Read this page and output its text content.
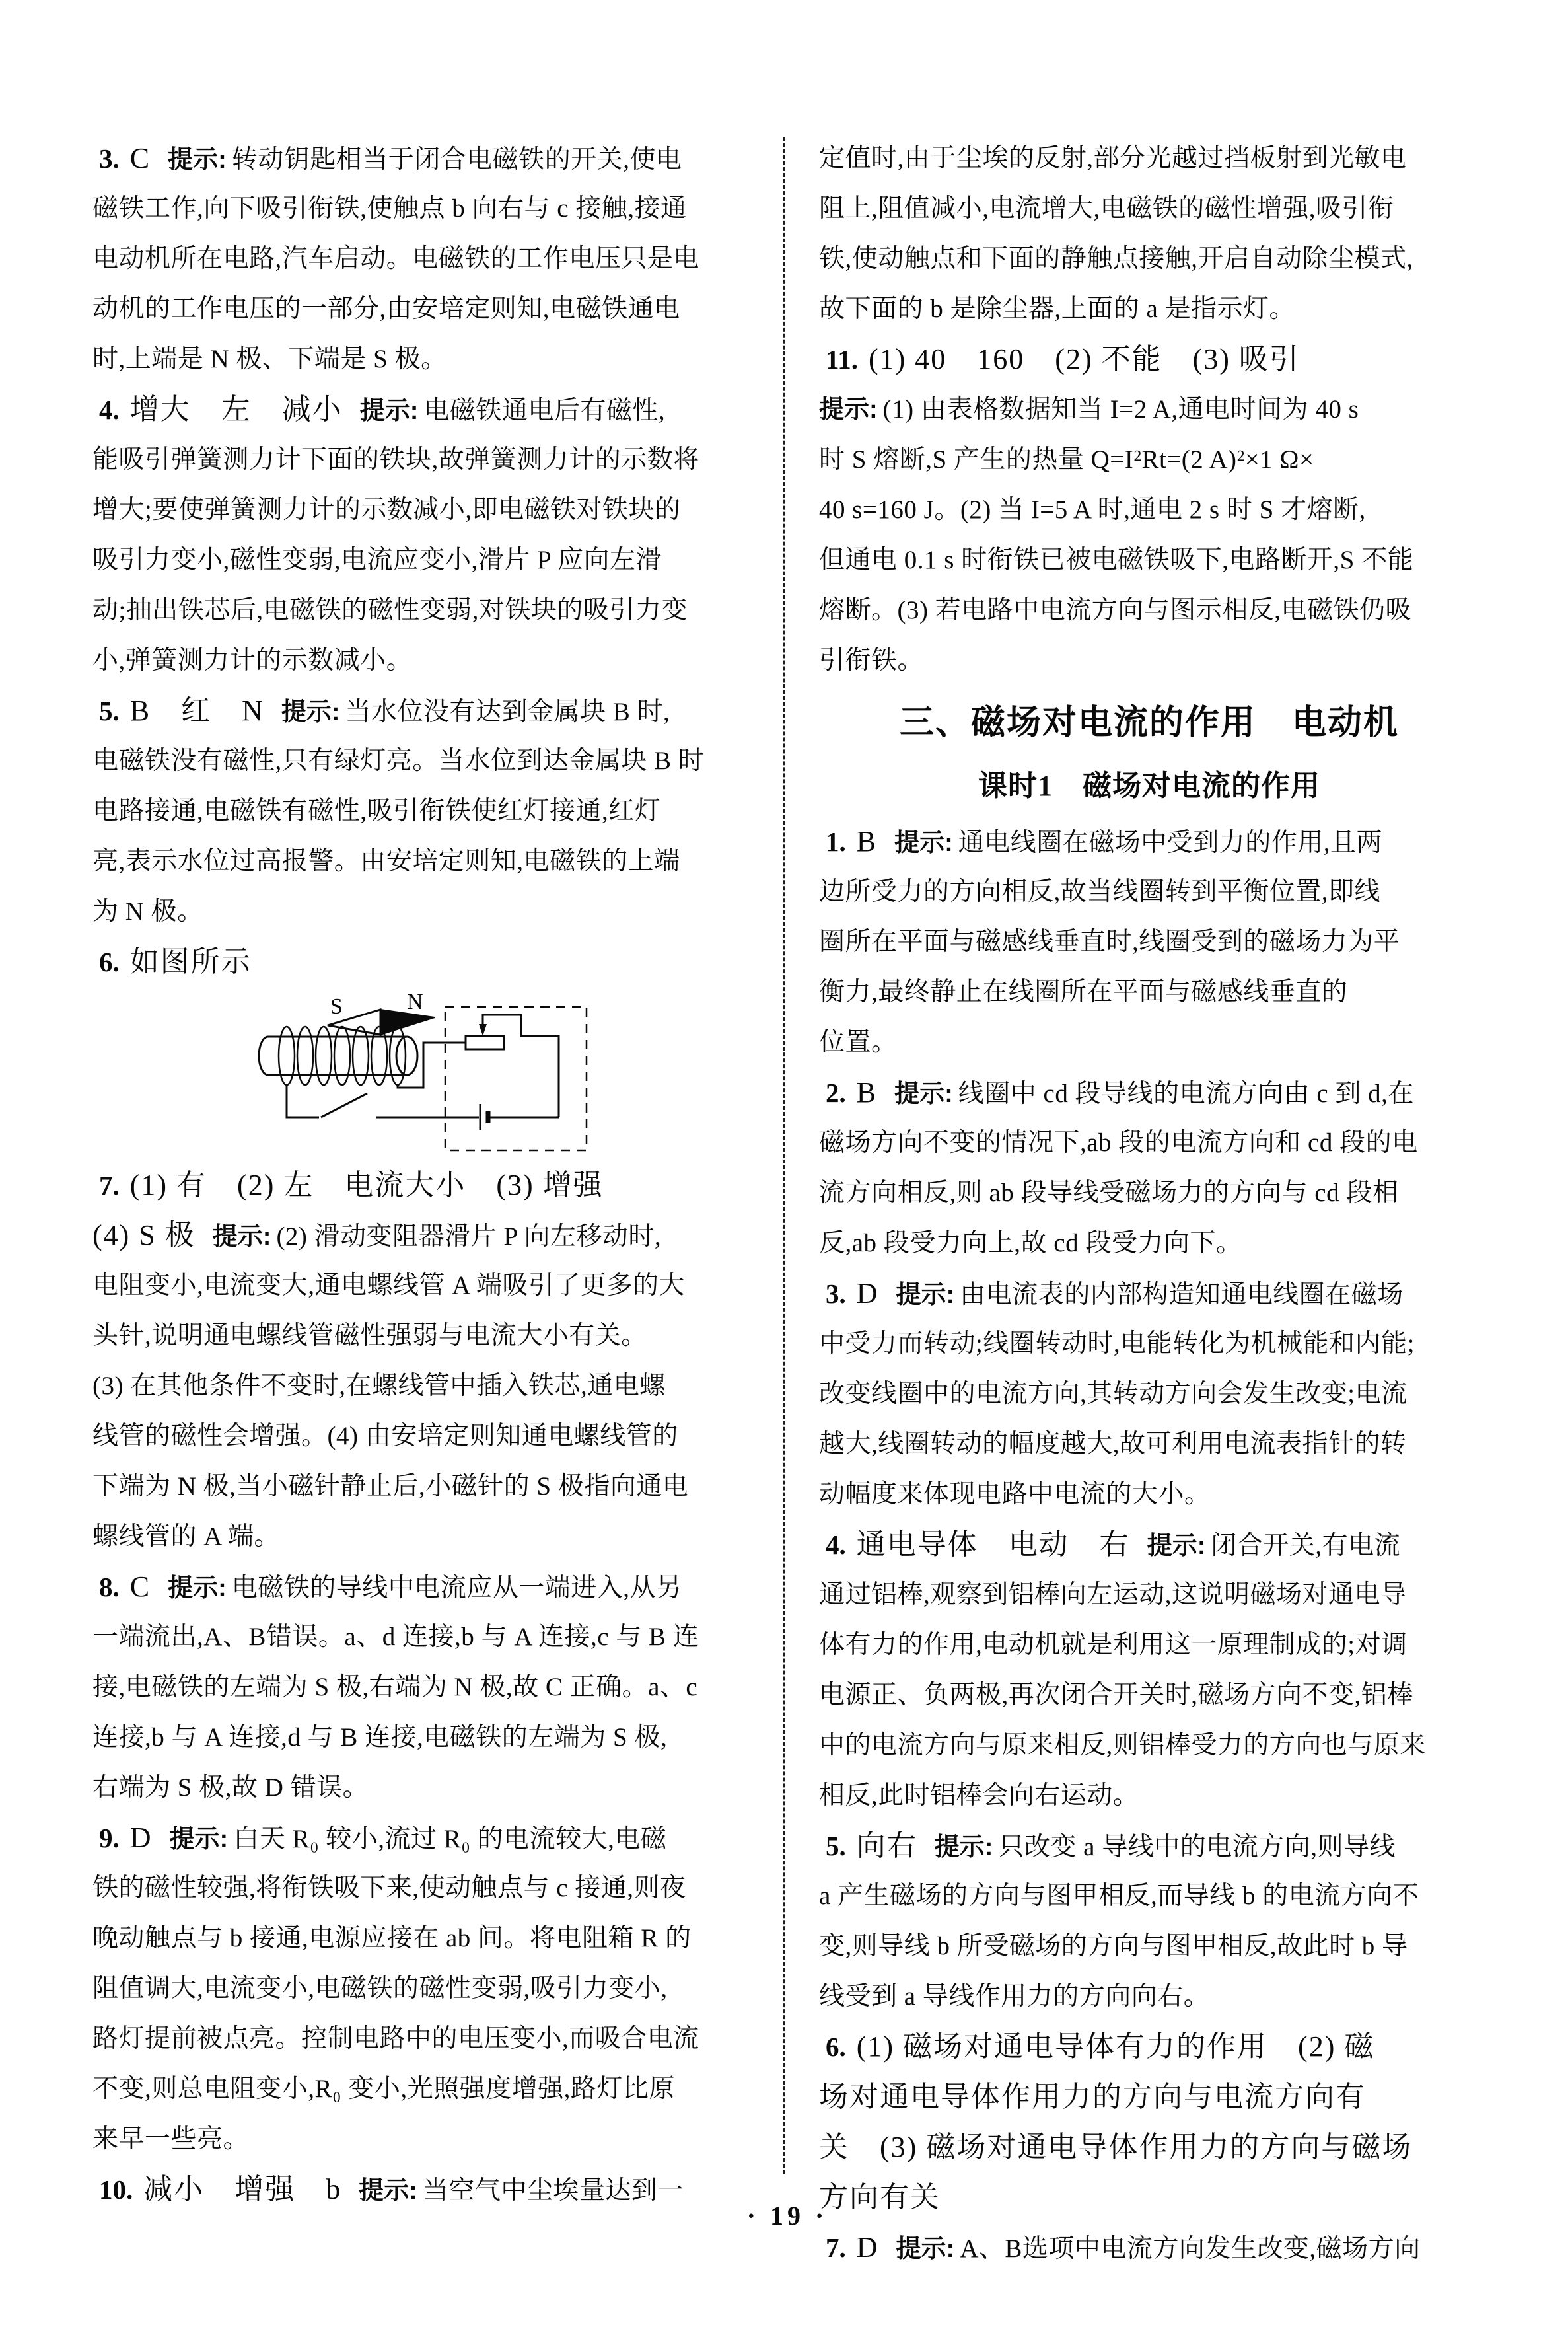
3. C 提示: 转动钥匙相当于闭合电磁铁的开关,使电
磁铁工作,向下吸引衔铁,使触点 b 向右与 c 接触,接通
电动机所在电路,汽车启动。电磁铁的工作电压只是电
动机的工作电压的一部分,由安培定则知,电磁铁通电
时,上端是 N 极、下端是 S 极。
4. 增大　左　减小 提示: 电磁铁通电后有磁性,
能吸引弹簧测力计下面的铁块,故弹簧测力计的示数将
增大;要使弹簧测力计的示数减小,即电磁铁对铁块的
吸引力变小,磁性变弱,电流应变小,滑片 P 应向左滑
动;抽出铁芯后,电磁铁的磁性变弱,对铁块的吸引力变
小,弹簧测力计的示数减小。
5. B　红　N 提示: 当水位没有达到金属块 B 时,
电磁铁没有磁性,只有绿灯亮。当水位到达金属块 B 时
电路接通,电磁铁有磁性,吸引衔铁使红灯接通,红灯
亮,表示水位过高报警。由安培定则知,电磁铁的上端
为 N 极。
6. 如图所示
S	N
7. (1) 有　(2) 左　电流大小　(3) 增强
(4) S 极 提示: (2) 滑动变阻器滑片 P 向左移动时,
电阻变小,电流变大,通电螺线管 A 端吸引了更多的大
头针,说明通电螺线管磁性强弱与电流大小有关。
(3) 在其他条件不变时,在螺线管中插入铁芯,通电螺
线管的磁性会增强。(4) 由安培定则知通电螺线管的
下端为 N 极,当小磁针静止后,小磁针的 S 极指向通电
螺线管的 A 端。
8. C 提示: 电磁铁的导线中电流应从一端进入,从另
一端流出,A、B错误。a、d 连接,b 与 A 连接,c 与 B 连
接,电磁铁的左端为 S 极,右端为 N 极,故 C 正确。a、c
连接,b 与 A 连接,d 与 B 连接,电磁铁的左端为 S 极,
右端为 S 极,故 D 错误。
9. D 提示: 白天 R₀ 较小,流过 R₀ 的电流较大,电磁
铁的磁性较强,将衔铁吸下来,使动触点与 c 接通,则夜
晚动触点与 b 接通,电源应接在 ab 间。将电阻箱 R 的
阻值调大,电流变小,电磁铁的磁性变弱,吸引力变小,
路灯提前被点亮。控制电路中的电压变小,而吸合电流
不变,则总电阻变小,R₀ 变小,光照强度增强,路灯比原
来早一些亮。
10. 减小　增强　b 提示: 当空气中尘埃量达到一
定值时,由于尘埃的反射,部分光越过挡板射到光敏电
阻上,阻值减小,电流增大,电磁铁的磁性增强,吸引衔
铁,使动触点和下面的静触点接触,开启自动除尘模式,
故下面的 b 是除尘器,上面的 a 是指示灯。
11. (1) 40　160　(2) 不能　(3) 吸引
提示: (1) 由表格数据知当 I=2 A,通电时间为 40 s
时 S 熔断,S 产生的热量 Q=I²Rt=(2 A)²×1 Ω×
40 s=160 J。(2) 当 I=5 A 时,通电 2 s 时 S 才熔断,
但通电 0.1 s 时衔铁已被电磁铁吸下,电路断开,S 不能
熔断。(3) 若电路中电流方向与图示相反,电磁铁仍吸
引衔铁。
三、磁场对电流的作用　电动机
课时1　磁场对电流的作用
1. B 提示: 通电线圈在磁场中受到力的作用,且两
边所受力的方向相反,故当线圈转到平衡位置,即线
圈所在平面与磁感线垂直时,线圈受到的磁场力为平
衡力,最终静止在线圈所在平面与磁感线垂直的
位置。
2. B 提示: 线圈中 cd 段导线的电流方向由 c 到 d,在
磁场方向不变的情况下,ab 段的电流方向和 cd 段的电
流方向相反,则 ab 段导线受磁场力的方向与 cd 段相
反,ab 段受力向上,故 cd 段受力向下。
3. D 提示: 由电流表的内部构造知通电线圈在磁场
中受力而转动;线圈转动时,电能转化为机械能和内能;
改变线圈中的电流方向,其转动方向会发生改变;电流
越大,线圈转动的幅度越大,故可利用电流表指针的转
动幅度来体现电路中电流的大小。
4. 通电导体　电动　右 提示: 闭合开关,有电流
通过铝棒,观察到铝棒向左运动,这说明磁场对通电导
体有力的作用,电动机就是利用这一原理制成的;对调
电源正、负两极,再次闭合开关时,磁场方向不变,铝棒
中的电流方向与原来相反,则铝棒受力的方向也与原来
相反,此时铝棒会向右运动。
5. 向右 提示: 只改变 a 导线中的电流方向,则导线
a 产生磁场的方向与图甲相反,而导线 b 的电流方向不
变,则导线 b 所受磁场的方向与图甲相反,故此时 b 导
线受到 a 导线作用力的方向向右。
6. (1) 磁场对通电导体有力的作用　(2) 磁
场对通电导体作用力的方向与电流方向有
关　(3) 磁场对通电导体作用力的方向与磁场
方向有关
7. D 提示: A、B选项中电流方向发生改变,磁场方向
· 19 ·
